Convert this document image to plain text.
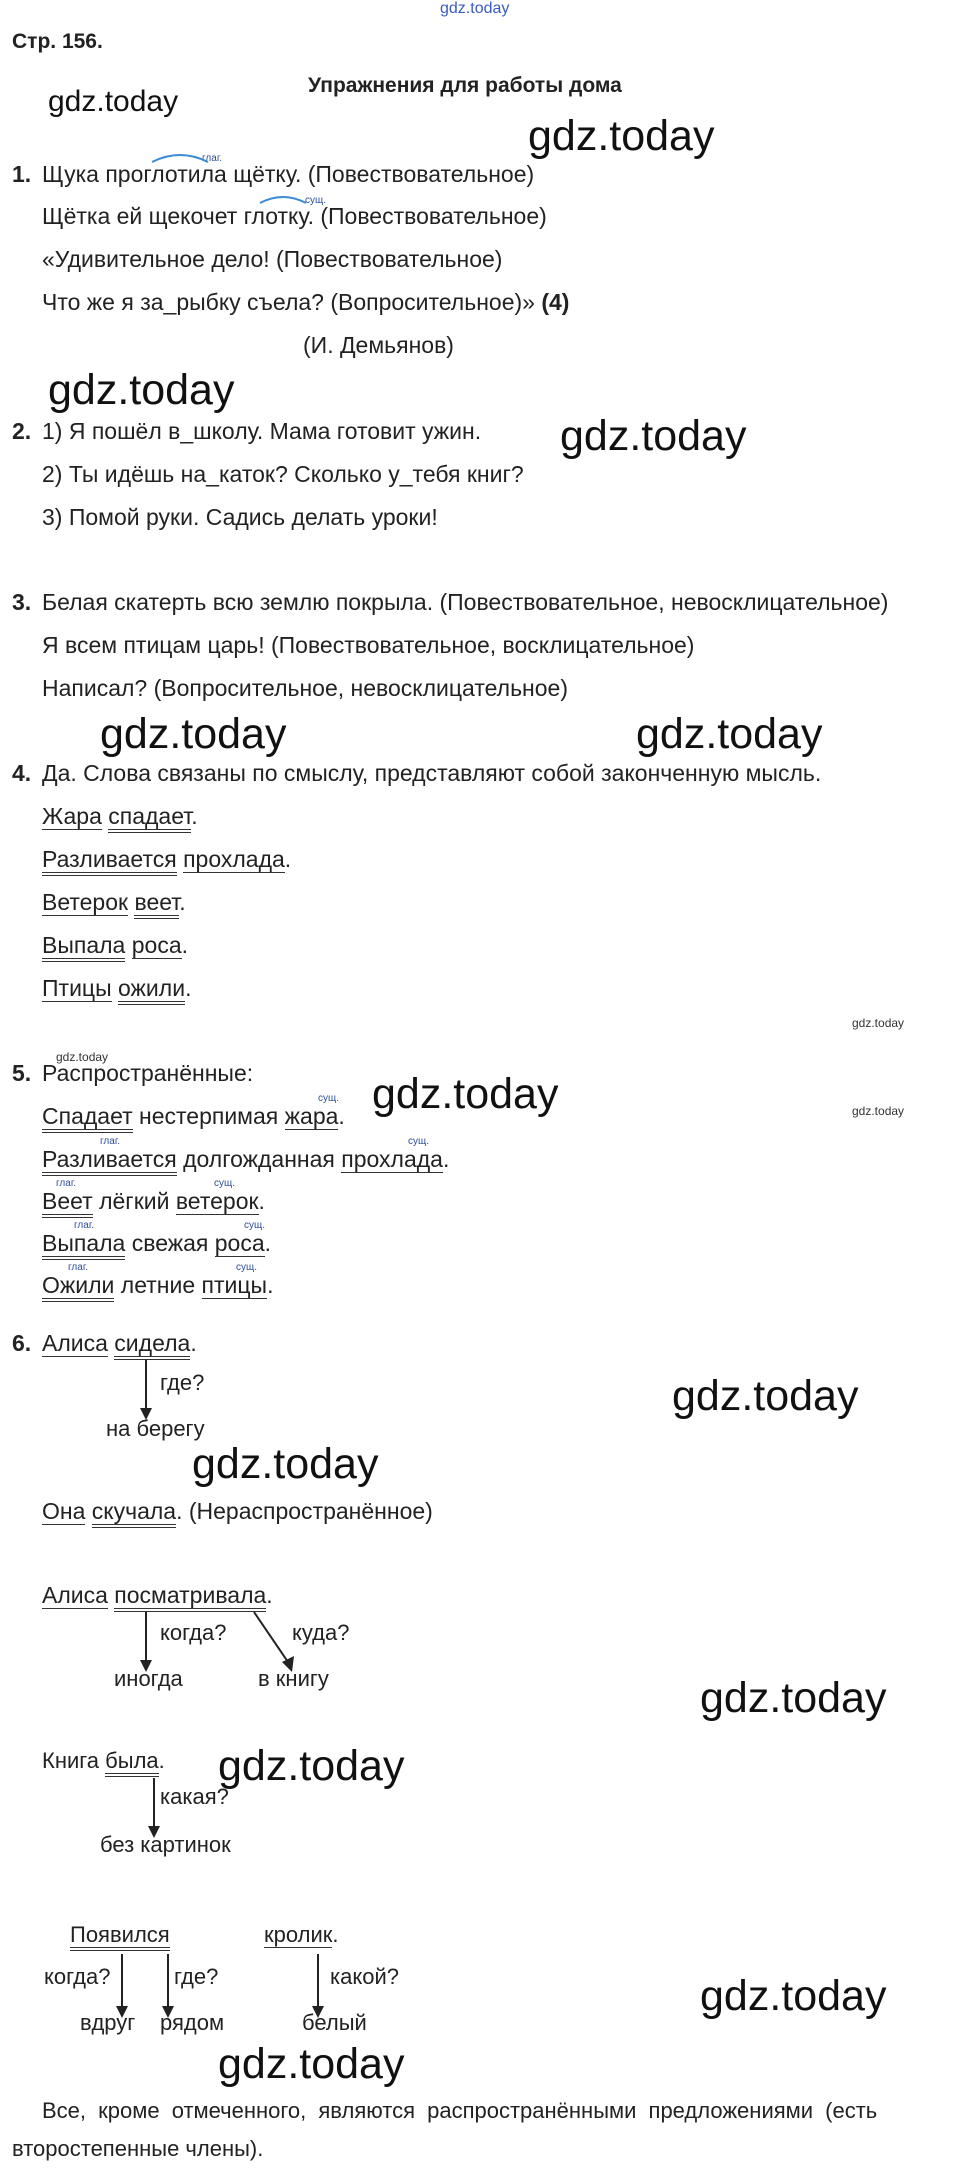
gdz.today
Стр. 156.
Упражнения для работы дома
gdz.today
gdz.today
gdz.today
gdz.today
gdz.today	gdz.today
gdz.today
gdz.today
gdz.today
gdz.today
gdz.today
gdz.today
gdz.today
gdz.today
gdz.today
gdz.today
1. Щука проглотила щётку. (Повествовательное)
глаг.
Щётка ей щекочет глотку. (Повествовательное)
сущ.
«Удивительное дело! (Повествовательное)
Что же я за_рыбку съела? (Вопросительное)» (4)
(И. Демьянов)
2. 1) Я пошёл в_школу. Мама готовит ужин.
2) Ты идёшь на_каток? Сколько у_тебя книг?
3) Помой руки. Садись делать уроки!
3. Белая скатерть всю землю покрыла. (Повествовательное, невосклицательное)
Я всем птицам царь! (Повествовательное, восклицательное)
Написал? (Вопросительное, невосклицательное)
4. Да. Слова связаны по смыслу, представляют собой законченную мысль.
Жара спадает.
Разливается прохлада.
Ветерок веет.
Выпала роса.
Птицы ожили.
5. Распространённые:
сущ.
Спадает нестерпимая жара.
глаг.	сущ.
Разливается долгожданная прохлада.
глаг.	сущ.
Веет лёгкий ветерок.
глаг.	сущ.
Выпала свежая роса.
глаг.	сущ.
Ожили летние птицы.
6. Алиса сидела.
где?
на берегу
Она скучала. (Нераспространённое)
Алиса посматривала.
когда?
иногда
куда?
в книгу
Книга была.
какая?
без картинок
Появился	кролик.
когда?	где?	какой?
вдруг рядом	белый
Все, кроме отмеченного, являются распространёнными предложениями (есть
второстепенные члены).
